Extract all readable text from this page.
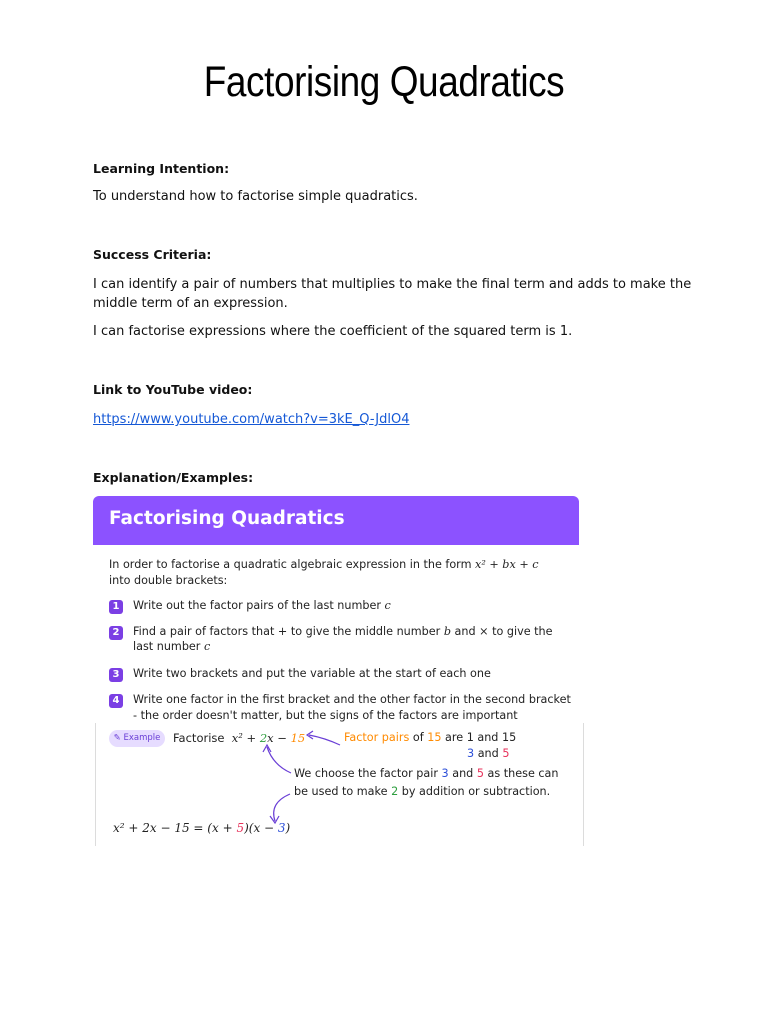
Factorising Quadratics
Learning Intention:
To understand how to factorise simple quadratics.
Success Criteria:
I can identify a pair of numbers that multiplies to make the final term and adds to make the
middle term of an expression.
I can factorise expressions where the coefficient of the squared term is 1.
Link to YouTube video:
https://www.youtube.com/watch?v=3kE_Q-JdlO4
Explanation/Examples:
Factorising Quadratics
In order to factorise a quadratic algebraic expression in the form x² + bx + c
into double brackets:
1	Write out the factor pairs of the last number c
2	Find a pair of factors that + to give the middle number b and × to give the
last number c
3	Write two brackets and put the variable at the start of each one
4	Write one factor in the first bracket and the other factor in the second bracket
- the order doesn't matter, but the signs of the factors are important
✎ Example	Factorise x² + 2x − 15	Factor pairs of 15 are 1 and 15
3 and 5
We choose the factor pair 3 and 5 as these can
be used to make 2 by addition or subtraction.
x² + 2x − 15 = (x + 5)(x − 3)
